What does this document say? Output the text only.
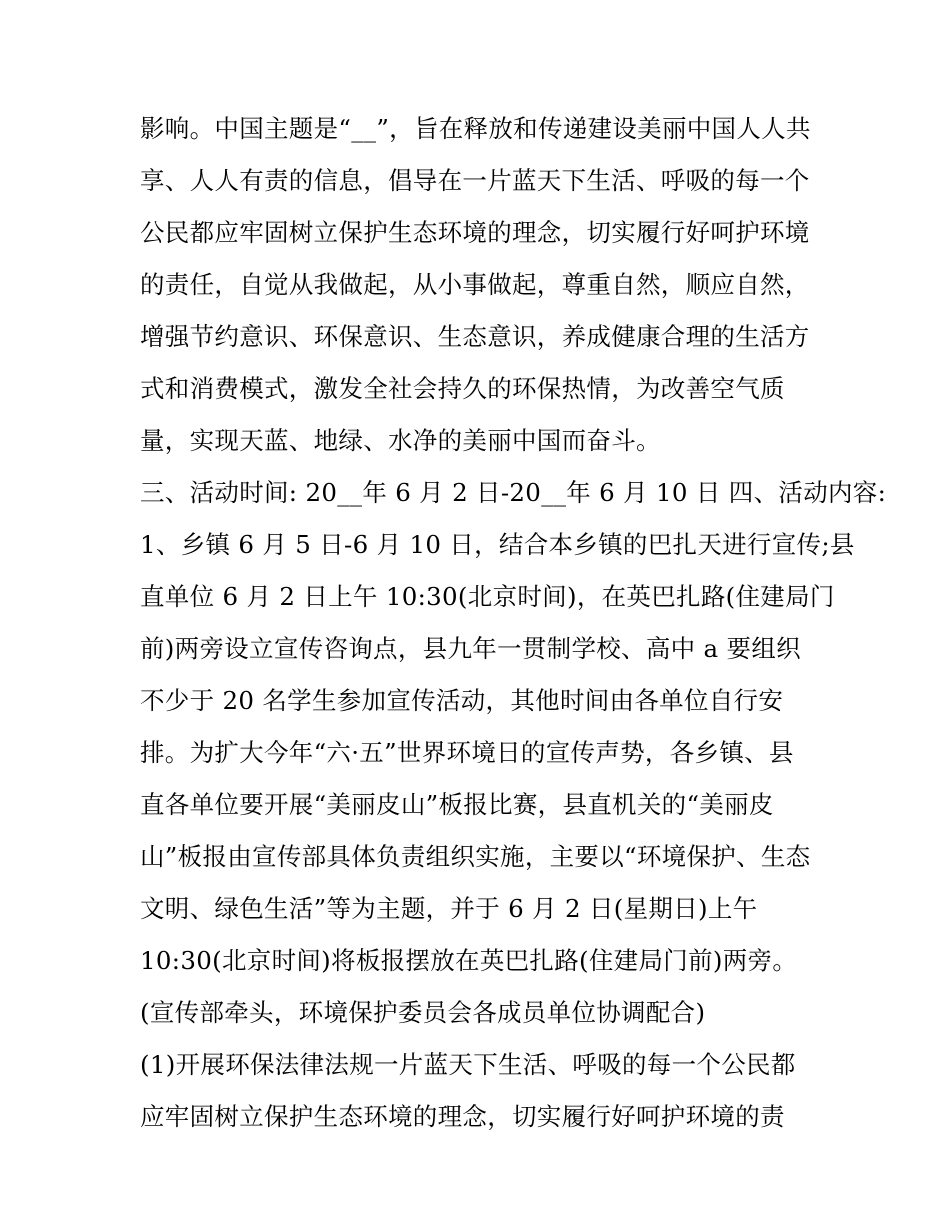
影响。中国主题是“__”，旨在释放和传递建设美丽中国人人共
享、人人有责的信息，倡导在一片蓝天下生活、呼吸的每一个
公民都应牢固树立保护生态环境的理念，切实履行好呵护环境
的责任，自觉从我做起，从小事做起，尊重自然，顺应自然，
增强节约意识、环保意识、生态意识，养成健康合理的生活方
式和消费模式，激发全社会持久的环保热情，为改善空气质
量，实现天蓝、地绿、水净的美丽中国而奋斗。
三、活动时间: 20__年 6 月 2 日-20__年 6 月 10 日 四、活动内容:
1、乡镇 6 月 5 日-6 月 10 日，结合本乡镇的巴扎天进行宣传;县
直单位 6 月 2 日上午 10:30(北京时间)，在英巴扎路(住建局门
前)两旁设立宣传咨询点，县九年一贯制学校、高中 a 要组织
不少于 20 名学生参加宣传活动，其他时间由各单位自行安
排。为扩大今年“六·五”世界环境日的宣传声势，各乡镇、县
直各单位要开展“美丽皮山”板报比赛，县直机关的“美丽皮
山”板报由宣传部具体负责组织实施，主要以“环境保护、生态
文明、绿色生活”等为主题，并于 6 月 2 日(星期日)上午
10:30(北京时间)将板报摆放在英巴扎路(住建局门前)两旁。
(宣传部牵头，环境保护委员会各成员单位协调配合)
(1)开展环保法律法规一片蓝天下生活、呼吸的每一个公民都
应牢固树立保护生态环境的理念，切实履行好呵护环境的责
